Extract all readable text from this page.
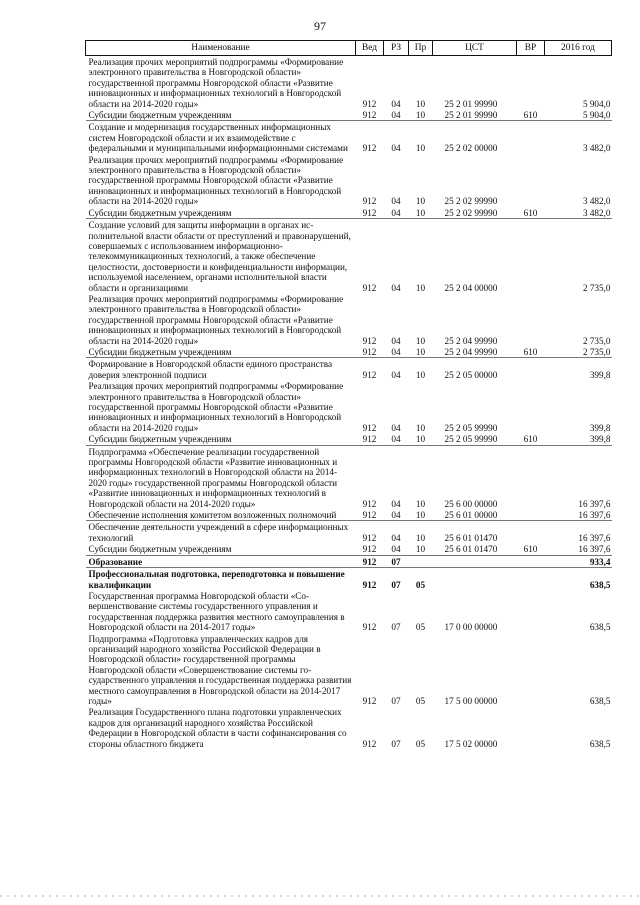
97
Наименование	Вед	РЗ	Пр	ЦСТ	ВР	2016 год
Реализация прочих мероприятий подпрограммы «Формирование электронного правительства в Новгородской области» государственной программы Новгородской области «Развитие инновационных и информационных технологий в Новгородской области на 2014-2020 годы»	912	04	10	25 2 01 99990		5 904,0
Субсидии бюджетным учреждениям	912	04	10	25 2 01 99990	610	5 904,0
Создание и модернизация государственных информационных систем Новгородской области и их взаимодействие с федеральными и муниципальными информационными системами	912	04	10	25 2 02 00000		3 482,0
Реализация прочих мероприятий подпрограммы «Формирование электронного правительства в Новгородской области» государственной программы Новгородской области «Развитие инновационных и информационных технологий в Новгородской области на 2014-2020 годы»	912	04	10	25 2 02 99990		3 482,0
Субсидии бюджетным учреждениям	912	04	10	25 2 02 99990	610	3 482,0
Создание условий для защиты информации в органах исполнительной власти области от преступлений и правонарушений, совершаемых с использованием информационно-телекоммуникационных технологий, а также обеспечение целостности, достоверности и конфиденциальности информации, используемой населением, органами исполнительной власти области и организациями	912	04	10	25 2 04 00000		2 735,0
Реализация прочих мероприятий подпрограммы «Формирование электронного правительства в Новгородской области» государственной программы Новгородской области «Развитие инновационных и информационных технологий в Новгородской области на 2014-2020 годы»	912	04	10	25 2 04 99990		2 735,0
Субсидии бюджетным учреждениям	912	04	10	25 2 04 99990	610	2 735,0
Формирование в Новгородской области единого пространства доверия электронной подписи	912	04	10	25 2 05 00000		399,8
Реализация прочих мероприятий подпрограммы «Формирование электронного правительства в Новгородской области» государственной программы Новгородской области «Развитие инновационных и информационных технологий в Новгородской области на 2014-2020 годы»	912	04	10	25 2 05 99990		399,8
Субсидии бюджетным учреждениям	912	04	10	25 2 05 99990	610	399,8
Подпрограмма «Обеспечение реализации государственной программы Новгородской области «Развитие инновационных и информационных технологий в Новгородской области на 2014-2020 годы» государственной программы Новгородской области «Развитие инновационных и информационных технологий в Новгородской области на 2014-2020 годы»	912	04	10	25 6 00 00000		16 397,6
Обеспечение исполнения комитетом возложенных полномочий	912	04	10	25 6 01 00000		16 397,6
Обеспечение деятельности учреждений в сфере информационных технологий	912	04	10	25 6 01 01470		16 397,6
Субсидии бюджетным учреждениям	912	04	10	25 6 01 01470	610	16 397,6
Образование	912	07				933,4
Профессиональная подготовка, переподготовка и повышение квалификации	912	07	05			638,5
Государственная программа Новгородской области «Совершенствование системы государственного управления и государственная поддержка развития местного самоуправления в Новгородской области на 2014-2017 годы»	912	07	05	17 0 00 00000		638,5
Подпрограмма «Подготовка управленческих кадров для организаций народного хозяйства Российской Федерации в Новгородской области» государственной программы Новгородской области «Совершенствование системы государственного управления и государственная поддержка развития местного самоуправления в Новгородской области на 2014-2017 годы»	912	07	05	17 5 00 00000		638,5
Реализация Государственного плана подготовки управленческих кадров для организаций народного хозяйства Российской Федерации в Новгородской области в части софинансирования со стороны областного бюджета	912	07	05	17 5 02 00000		638,5
